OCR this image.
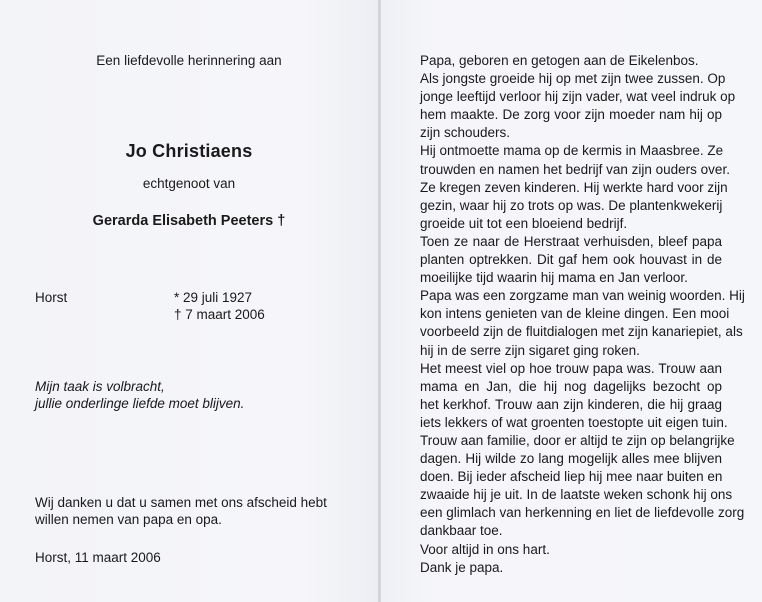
Een liefdevolle herinnering aan

Jo Christiaens

echtgenoot van

Gerarda Elisabeth Peeters †

Horst	* 29 juli 1927

† 7 maart 2006

Mijn taak is volbracht,
jullie onderlinge liefde moet blijven.
Wij danken u dat u samen met ons afscheid hebt
willen nemen van papa en opa.

Horst, 11 maart 2006

Papa, geboren en getogen aan de Eikelenbos.
Als jongste groeide hij op met zijn twee zussen. Op
jonge leeftijd verloor hij zijn vader, wat veel indruk op
hem maakte. De zorg voor zijn moeder nam hij op
zijn schouders.
Hij ontmoette mama op de kermis in Maasbree. Ze
trouwden en namen het bedrijf van zijn ouders over.
Ze kregen zeven kinderen. Hij werkte hard voor zijn
gezin, waar hij zo trots op was. De plantenkwekerij
groeide uit tot een bloeiend bedrijf.
Toen ze naar de Herstraat verhuisden, bleef papa
planten optrekken. Dit gaf hem ook houvast in de
moeilijke tijd waarin hij mama en Jan verloor.
Papa was een zorgzame man van weinig woorden. Hij
kon intens genieten van de kleine dingen. Een mooi
voorbeeld zijn de fluitdialogen met zijn kanariepiet, als
hij in de serre zijn sigaret ging roken.
Het meest viel op hoe trouw papa was. Trouw aan
mama en Jan, die hij nog dagelijks bezocht op
het kerkhof. Trouw aan zijn kinderen, die hij graag
iets lekkers of wat groenten toestopte uit eigen tuin.
Trouw aan familie, door er altijd te zijn op belangrijke
dagen. Hij wilde zo lang mogelijk alles mee blijven
doen. Bij ieder afscheid liep hij mee naar buiten en
zwaaide hij je uit. In de laatste weken schonk hij ons
een glimlach van herkenning en liet de liefdevolle zorg
dankbaar toe.
Voor altijd in ons hart.
Dank je papa.
